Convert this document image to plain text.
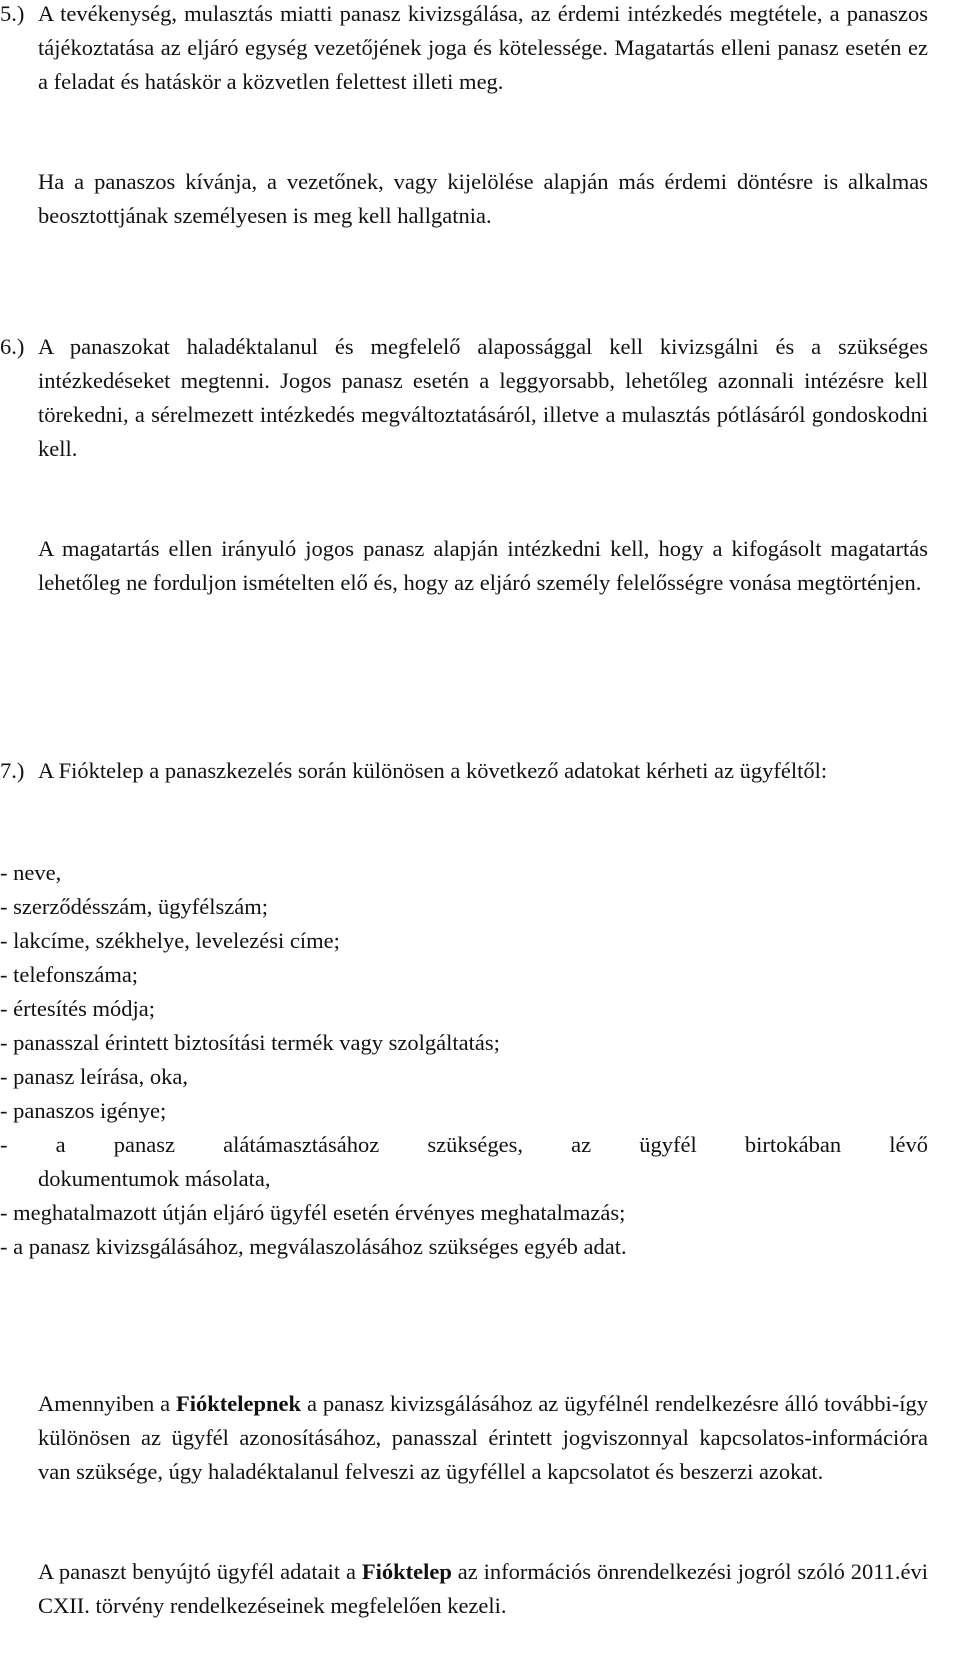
5.) A tevékenység, mulasztás miatti panasz kivizsgálása, az érdemi intézkedés megtétele, a panaszos tájékoztatása az eljáró egység vezetőjének joga és kötelessége. Magatartás elleni panasz esetén ez a feladat és hatáskör a közvetlen felettest illeti meg.

Ha a panaszos kívánja, a vezetőnek, vagy kijelölése alapján más érdemi döntésre is alkalmas beosztottjának személyesen is meg kell hallgatnia.

6.) A panaszokat haladéktalanul és megfelelő alapossággal kell kivizsgálni és a szükséges intézkedéseket megtenni. Jogos panasz esetén a leggyorsabb, lehetőleg azonnali intézésre kell törekedni, a sérelmezett intézkedés megváltoztatásáról, illetve a mulasztás pótlásáról gondoskodni kell.

A magatartás ellen irányuló jogos panasz alapján intézkedni kell, hogy a kifogásolt magatartás lehetőleg ne forduljon ismételten elő és, hogy az eljáró személy felelősségre vonása megtörténjen.

7.) A Fióktelep a panaszkezelés során különösen a következő adatokat kérheti az ügyféltől:
- neve,
- szerződésszám, ügyfélszám;
- lakcíme, székhelye, levelezési címe;
- telefonszáma;
- értesítés módja;
- panasszal érintett biztosítási termék vagy szolgáltatás;
- panasz leírása, oka,
- panaszos igénye;
- a panasz alátámasztásához szükséges, az ügyfél birtokában lévő
dokumentumok másolata,
- meghatalmazott útján eljáró ügyfél esetén érvényes meghatalmazás;
- a panasz kivizsgálásához, megválaszolásához szükséges egyéb adat.

Amennyiben a Fióktelepnek a panasz kivizsgálásához az ügyfélnél rendelkezésre álló további-így különösen az ügyfél azonosításához, panasszal érintett jogviszonnyal kapcsolatos-információra van szüksége, úgy haladéktalanul felveszi az ügyféllel a kapcsolatot és beszerzi azokat.

A panaszt benyújtó ügyfél adatait a Fióktelep az információs önrendelkezési jogról szóló 2011.évi CXII. törvény rendelkezéseinek megfelelően kezeli.
